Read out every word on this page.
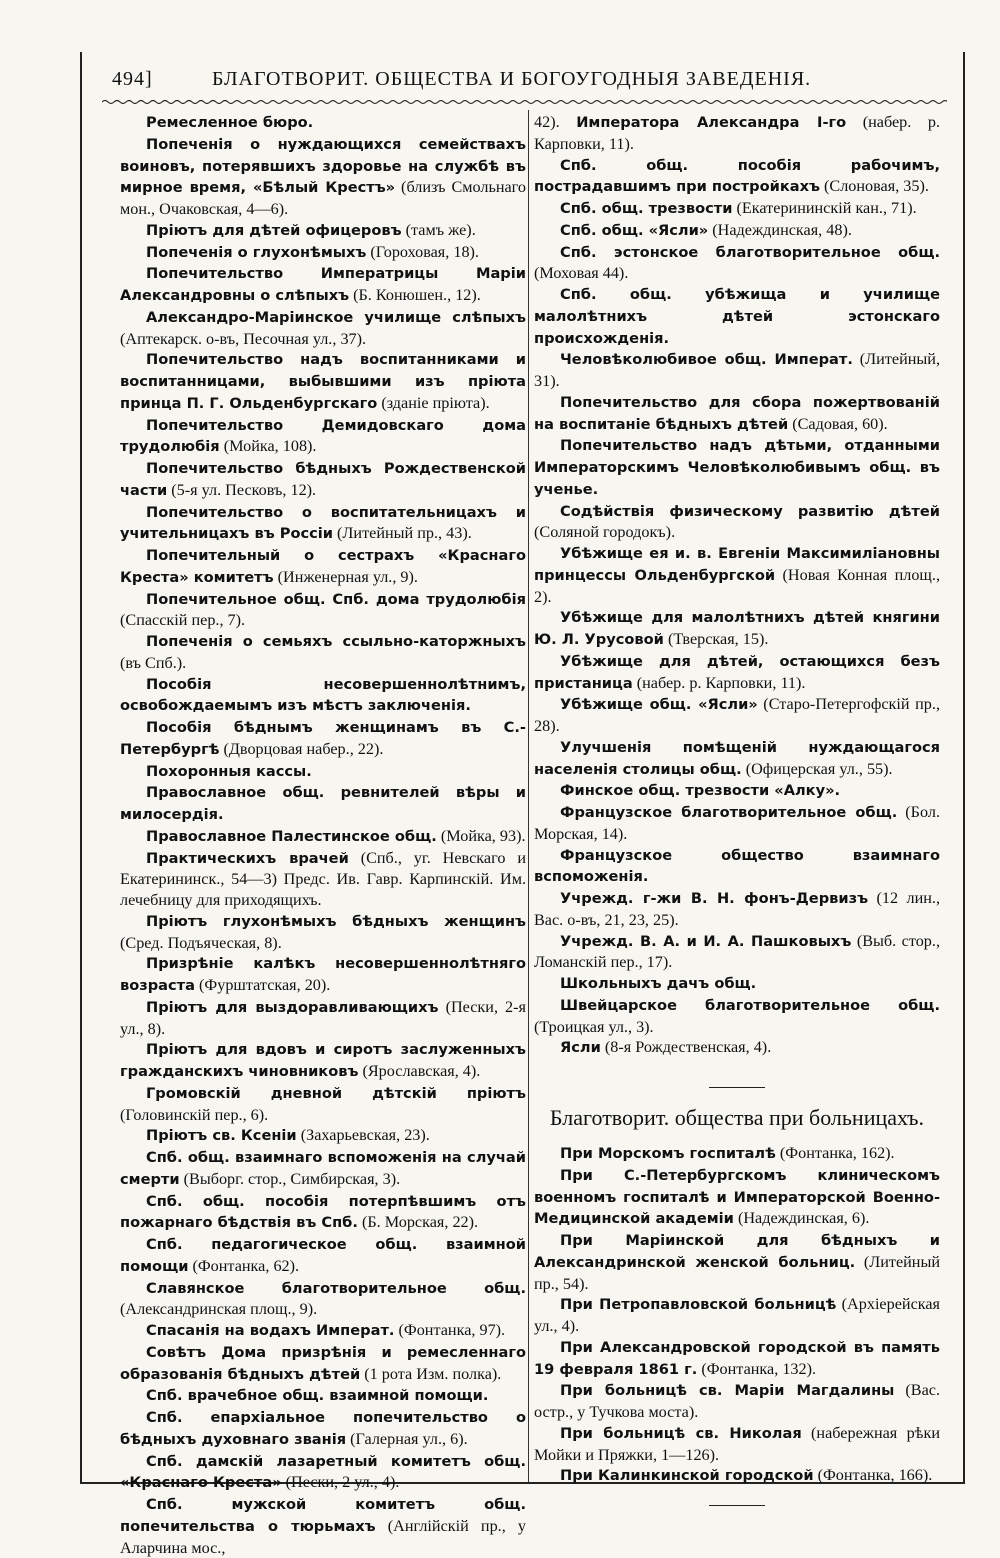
494]	БЛАГОТВОРИТ. ОБЩЕСТВА И БОГОУГОДНЫЯ ЗАВЕДЕНІЯ.

Ремесленное бюро.

Попеченія о нуждающихся семействахъ воиновъ, потерявшихъ здоровье на службѣ въ мирное время, «Бѣлый Крестъ» (близъ Смольнаго мон., Очаковская, 4—6).

Пріютъ для дѣтей офицеровъ (тамъ же).

Попеченія о глухонѣмыхъ (Гороховая, 18).

Попечительство Императрицы Маріи Александровны о слѣпыхъ (Б. Конюшен., 12).

Александро-Маріинское училище слѣпыхъ (Аптекарск. о-въ, Песочная ул., 37).

Попечительство надъ воспитанниками и воспитанницами, выбывшими изъ пріюта принца П. Г. Ольденбургскаго (зданіе пріюта).

Попечительство Демидовскаго дома трудолюбія (Мойка, 108).

Попечительство бѣдныхъ Рождественской части (5-я ул. Песковъ, 12).

Попечительство о воспитательницахъ и учительницахъ въ Россіи (Литейный пр., 43).

Попечительный о сестрахъ «Краснаго Креста» комитетъ (Инженерная ул., 9).

Попечительное общ. Спб. дома трудолюбія (Спасскій пер., 7).

Попеченія о семьяхъ ссыльно-каторжныхъ (въ Спб.).

Пособія несовершеннолѣтнимъ, освобождаемымъ изъ мѣстъ заключенія.

Пособія бѣднымъ женщинамъ въ С.-Петербургѣ (Дворцовая набер., 22).

Похоронныя кассы.

Православное общ. ревнителей вѣры и милосердія.

Православное Палестинское общ. (Мойка, 93).

Практическихъ врачей (Спб., уг. Невскаго и Екатерининск., 54—3) Предс. Ив. Гавр. Карпинскій. Им. лечебницу для приходящихъ.

Пріютъ глухонѣмыхъ бѣдныхъ женщинъ (Сред. Подъяческая, 8).

Призрѣніе калѣкъ несовершеннолѣтняго возраста (Фурштатская, 20).

Пріютъ для выздоравливающихъ (Пески, 2-я ул., 8).

Пріютъ для вдовъ и сиротъ заслуженныхъ гражданскихъ чиновниковъ (Ярославская, 4).

Громовскій дневной дѣтскій пріютъ (Головинскій пер., 6).

Пріютъ св. Ксеніи (Захарьевская, 23).

Спб. общ. взаимнаго вспоможенія на случай смерти (Выборг. стор., Симбирская, 3).

Спб. общ. пособія потерпѣвшимъ отъ пожарнаго бѣдствія въ Спб. (Б. Морская, 22).

Спб. педагогическое общ. взаимной помощи (Фонтанка, 62).

Славянское благотворительное общ. (Александринская площ., 9).

Спасанія на водахъ Императ. (Фонтанка, 97).

Совѣтъ Дома призрѣнія и ремесленнаго образованія бѣдныхъ дѣтей (1 рота Изм. полка).

Спб. врачебное общ. взаимной помощи.

Спб. епархіальное попечительство о бѣдныхъ духовнаго званія (Галерная ул., 6).

Спб. дамскій лазаретный комитетъ общ. «Краснаго Креста» (Пески, 2 ул., 4).

Спб. мужской комитетъ общ. попечительства о тюрьмахъ (Англійскій пр., у Аларчина мос.,

42). Императора Александра I-го (набер. р. Карповки, 11).

Спб. общ. пособія рабочимъ, пострадавшимъ при постройкахъ (Слоновая, 35).

Спб. общ. трезвости (Екатерининскій кан., 71).

Спб. общ. «Ясли» (Надеждинская, 48).

Спб. эстонское благотворительное общ. (Моховая 44).

Спб. общ. убѣжища и училище малолѣтнихъ дѣтей эстонскаго происхожденія.

Человѣколюбивое общ. Императ. (Литейный, 31).

Попечительство для сбора пожертвованій на воспитаніе бѣдныхъ дѣтей (Садовая, 60).

Попечительство надъ дѣтьми, отданными Императорскимъ Человѣколюбивымъ общ. въ ученье.

Содѣйствія физическому развитію дѣтей (Соляной городокъ).

Убѣжище ея и. в. Евгеніи Максимиліановны принцессы Ольденбургской (Новая Конная площ., 2).

Убѣжище для малолѣтнихъ дѣтей княгини Ю. Л. Урусовой (Тверская, 15).

Убѣжище для дѣтей, остающихся безъ пристаница (набер. р. Карповки, 11).

Убѣжище общ. «Ясли» (Старо-Петергофскій пр., 28).

Улучшенія помѣщеній нуждающагося населенія столицы общ. (Офицерская ул., 55).

Финское общ. трезвости «Алку».

Французское благотворительное общ. (Бол. Морская, 14).

Французское общество взаимнаго вспоможенія.

Учрежд. г-жи В. Н. фонъ-Дервизъ (12 лин., Вас. о-въ, 21, 23, 25).

Учрежд. В. А. и И. А. Пашковыхъ (Выб. стор., Ломанскій пер., 17).

Школьныхъ дачъ общ.

Швейцарское благотворительное общ. (Троицкая ул., 3).

Ясли (8-я Рождественская, 4).

Благотворит. общества при больницахъ.

При Морскомъ госпиталѣ (Фонтанка, 162).

При С.-Петербургскомъ клиническомъ военномъ госпиталѣ и Императорской Военно-Медицинской академіи (Надеждинская, 6).

При Маріинской для бѣдныхъ и Александринской женской больниц. (Литейный пр., 54).

При Петропавловской больницѣ (Архіерейская ул., 4).

При Александровской городской въ память 19 февраля 1861 г. (Фонтанка, 132).

При больницѣ св. Маріи Магдалины (Вас. остр., у Тучкова моста).

При больницѣ св. Николая (набережная рѣки Мойки и Пряжки, 1—126).

При Калинкинской городской (Фонтанка, 166).
